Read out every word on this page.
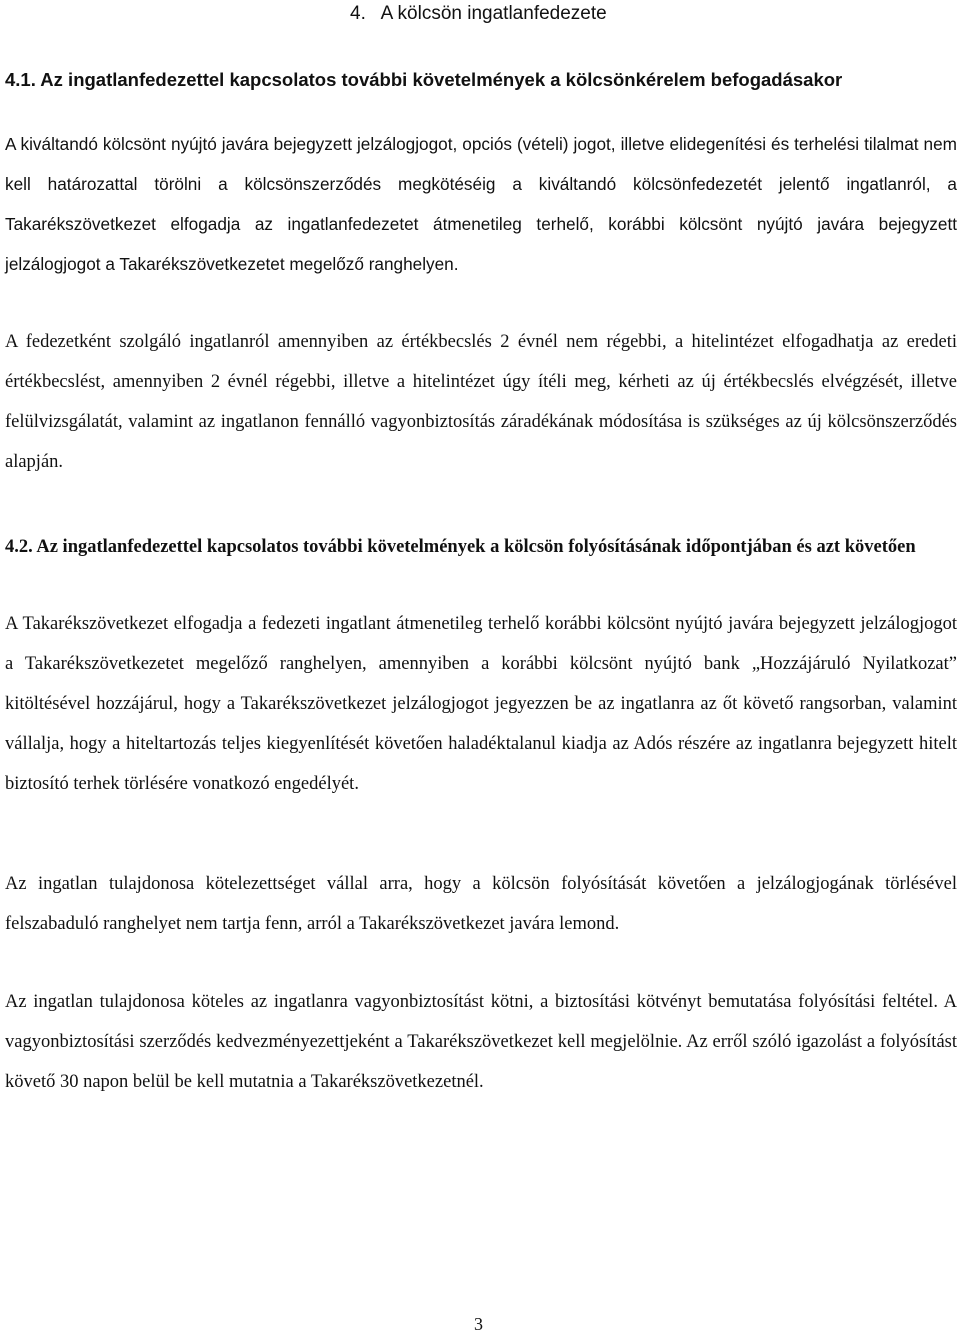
4. A kölcsön ingatlanfedezete
4.1. Az ingatlanfedezettel kapcsolatos további követelmények a kölcsönkérelem befogadásakor

A kiváltandó kölcsönt nyújtó javára bejegyzett jelzálogjogot, opciós (vételi) jogot, illetve elidegenítési és terhelési tilalmat nem kell határozattal törölni a kölcsönszerződés megkötéséig a kiváltandó kölcsönfedezetét jelentő ingatlanról, a Takarékszövetkezet elfogadja az ingatlanfedezetet átmenetileg terhelő, korábbi kölcsönt nyújtó javára bejegyzett jelzálogjogot a Takarékszövetkezetet megelőző ranghelyen.

A fedezetként szolgáló ingatlanról amennyiben az értékbecslés 2 évnél nem régebbi, a hitelintézet elfogadhatja az eredeti értékbecslést, amennyiben 2 évnél régebbi, illetve a hitelintézet úgy ítéli meg, kérheti az új értékbecslés elvégzését, illetve felülvizsgálatát, valamint az ingatlanon fennálló vagyonbiztosítás záradékának módosítása is szükséges az új kölcsönszerződés alapján.

4.2. Az ingatlanfedezettel kapcsolatos további követelmények a kölcsön folyósításának időpontjában és azt követően

A Takarékszövetkezet elfogadja a fedezeti ingatlant átmenetileg terhelő korábbi kölcsönt nyújtó javára bejegyzett jelzálogjogot a Takarékszövetkezetet megelőző ranghelyen, amennyiben a korábbi kölcsönt nyújtó bank „Hozzájáruló Nyilatkozat” kitöltésével hozzájárul, hogy a Takarékszövetkezet jelzálogjogot jegyezzen be az ingatlanra az őt követő rangsorban, valamint vállalja, hogy a hiteltartozás teljes kiegyenlítését követően haladéktalanul kiadja az Adós részére az ingatlanra bejegyzett hitelt biztosító terhek törlésére vonatkozó engedélyét.

Az ingatlan tulajdonosa kötelezettséget vállal arra, hogy a kölcsön folyósítását követően a jelzálogjogának törlésével felszabaduló ranghelyet nem tartja fenn, arról a Takarékszövetkezet javára lemond.

Az ingatlan tulajdonosa köteles az ingatlanra vagyonbiztosítást kötni, a biztosítási kötvényt bemutatása folyósítási feltétel. A vagyonbiztosítási szerződés kedvezményezettjeként a Takarékszövetkezet kell megjelölnie. Az erről szóló igazolást a folyósítást követő 30 napon belül be kell mutatnia a Takarékszövetkezetnél.

3
